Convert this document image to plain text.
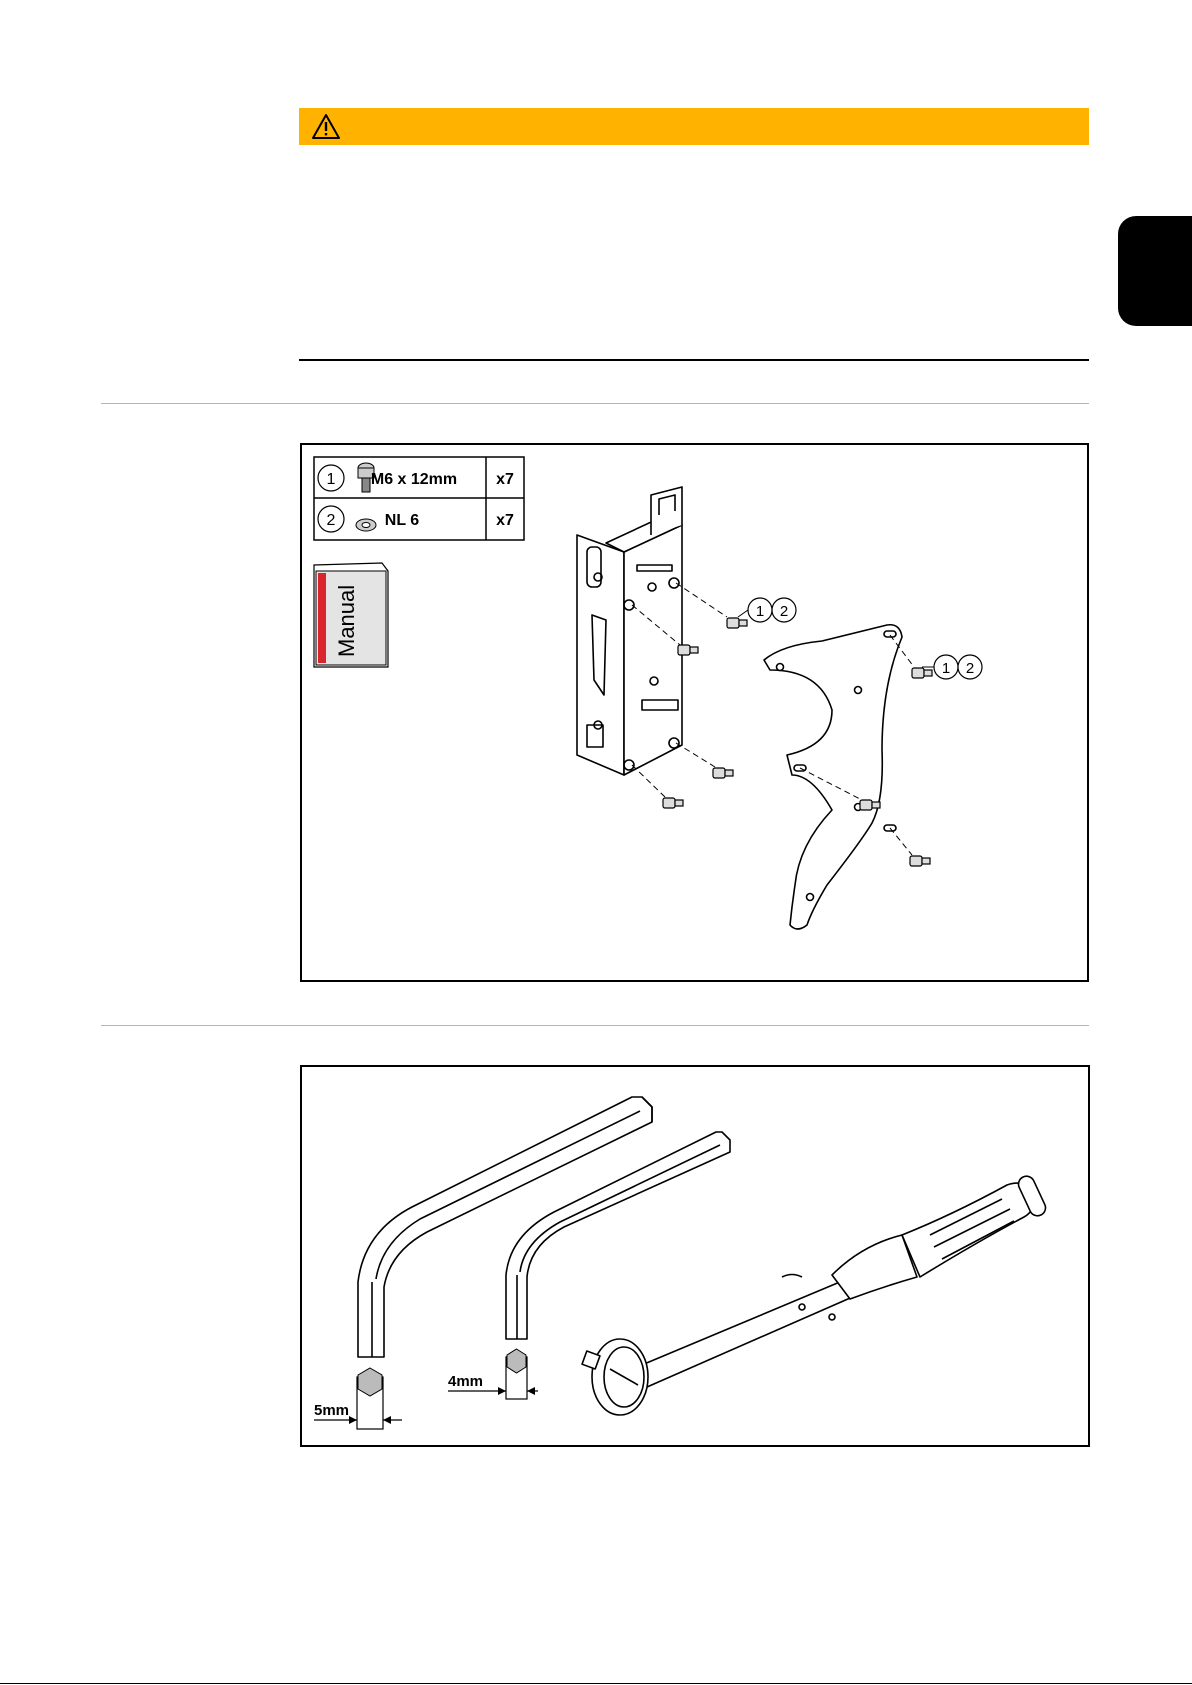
1 M6 x 12mm x7
2	NL 6	x7
Manual	1 2
1 2
5mm
4mm
